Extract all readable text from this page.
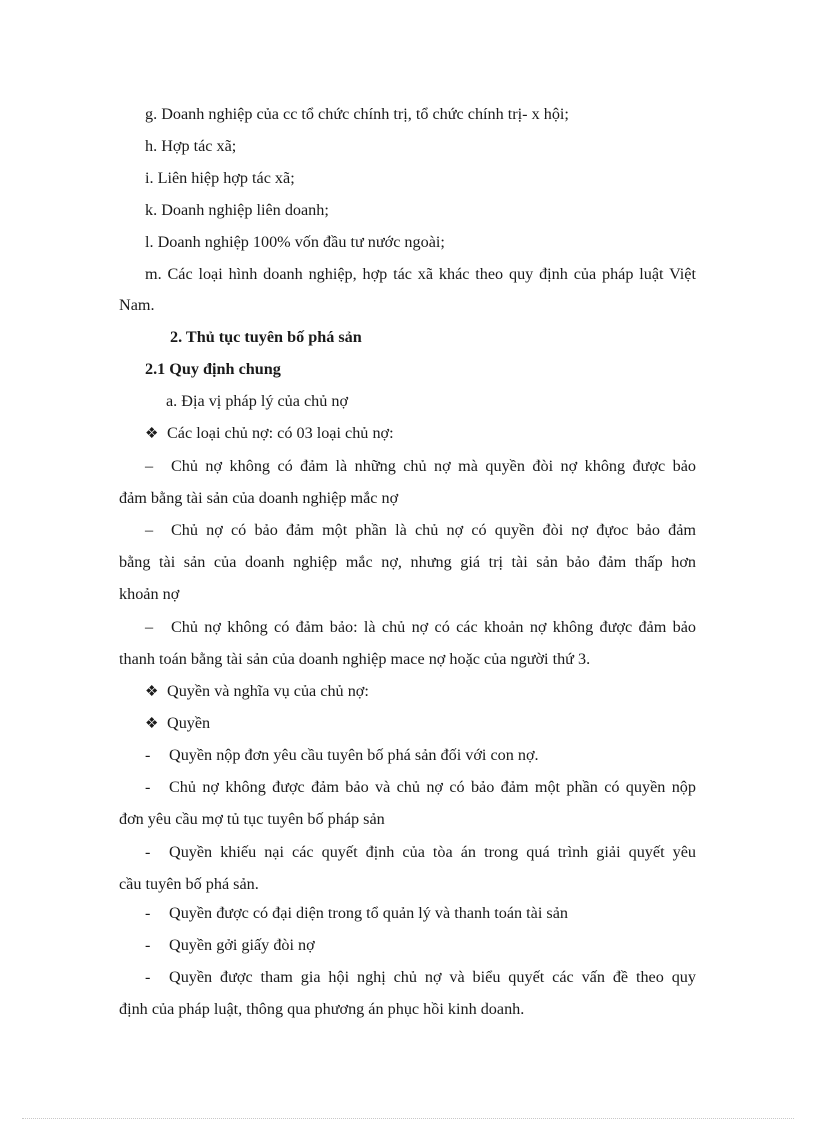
g. Doanh nghiệp của cc tổ chức chính trị, tổ chức chính trị- x hội;
h. Hợp tác xã;
i. Liên hiệp hợp tác xã;
k. Doanh nghiệp liên doanh;
l. Doanh nghiệp 100% vốn đầu tư nước ngoài;
m. Các loại hình doanh nghiệp, hợp tác xã khác theo quy định của pháp luật Việt
Nam.
2. Thủ tục tuyên bố phá sản
2.1 Quy định chung
a. Địa vị pháp lý của chủ nợ
❖ Các loại chủ nợ: có 03 loại chủ nợ:
–	Chủ nợ không có đảm là những chủ nợ mà quyền đòi nợ không được bảo
đảm bằng tài sản của doanh nghiệp mắc nợ
–	Chủ nợ có bảo đảm một phần là chủ nợ có quyền đòi nợ đựoc bảo đảm
bằng tài sản của doanh nghiệp mắc nợ, nhưng giá trị tài sản bảo đảm thấp hơn
khoản nợ
–	Chủ nợ không có đảm bảo: là chủ nợ có các khoản nợ không được đảm bảo
thanh toán bằng tài sản của doanh nghiệp mace nợ hoặc của người thứ 3.
❖ Quyền và nghĩa vụ của chủ nợ:
❖ Quyền
- Quyền nộp đơn yêu cầu tuyên bố phá sản đối với con nợ.
-	Chủ nợ không được đảm bảo và chủ nợ có bảo đảm một phần có quyền nộp
đơn yêu cầu mợ tủ tục tuyên bố pháp sản
-	Quyền khiếu nại các quyết định của tòa án trong quá trình giải quyết yêu
cầu tuyên bố phá sản.
- Quyền được có đại diện trong tổ quản lý và thanh toán tài sản
- Quyền gởi giấy đòi nợ
-	Quyền được tham gia hội nghị chủ nợ và biểu quyết các vấn đề theo quy
định của pháp luật, thông qua phương án phục hồi kinh doanh.
